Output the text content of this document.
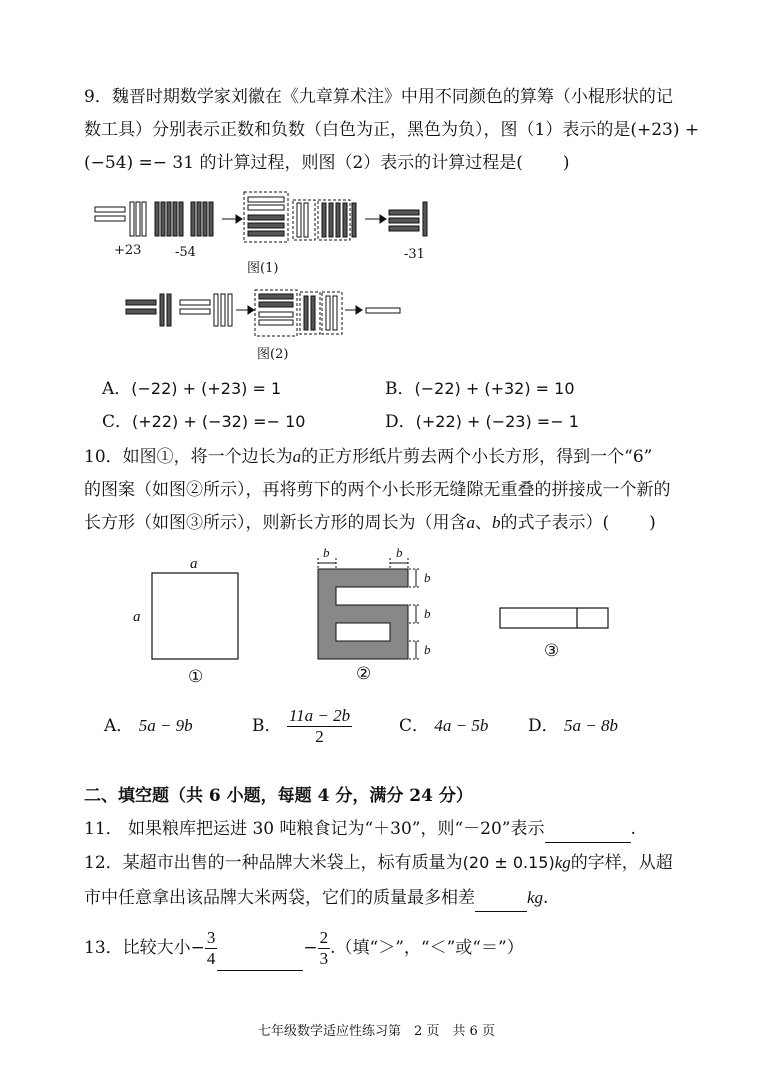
9．魏晋时期数学家刘徽在《九章算术注》中用不同颜色的算筹（小棍形状的记
数工具）分别表示正数和负数（白色为正，黑色为负），图（1）表示的是(+23) +
(−54) =− 31 的计算过程，则图（2）表示的计算过程是( )
+23	-54	-31
图(1)
图(2)
A．(−22) + (+23) = 1	B．(−22) + (+32) = 10
C．(+22) + (−32) =− 10	D．(+22) + (−23) =− 1
10．如图①，将一个边长为a的正方形纸片剪去两个小长方形，得到一个“6”
的图案（如图②所示），再将剪下的两个小长形无缝隙无重叠的拼接成一个新的
长方形（如图③所示），则新长方形的周长为（用含a、b的式子表示）( )
a
a
b	b
b
b
b
①	②
③
A． 5a − 9b	B． $\frac{11a - 2b}{2}$	C． 4a − 5b D． 5a − 8b
二、填空题（共 6 小题，每题 4 分，满分 24 分）
11． 如果粮库把运进 30 吨粮食记为“＋30”，则“－20”表示	.
12．某超市出售的一种品牌大米袋上，标有质量为(20 ± 0.15)kg的字样，从超
市中任意拿出该品牌大米两袋，它们的质量最多相差	kg.
13．比较大小− $\frac{3}{4}$	− $\frac{2}{3}$ .（填“＞”，“＜”或“＝”）
七年级数学适应性练习第　2 页　共 6 页
